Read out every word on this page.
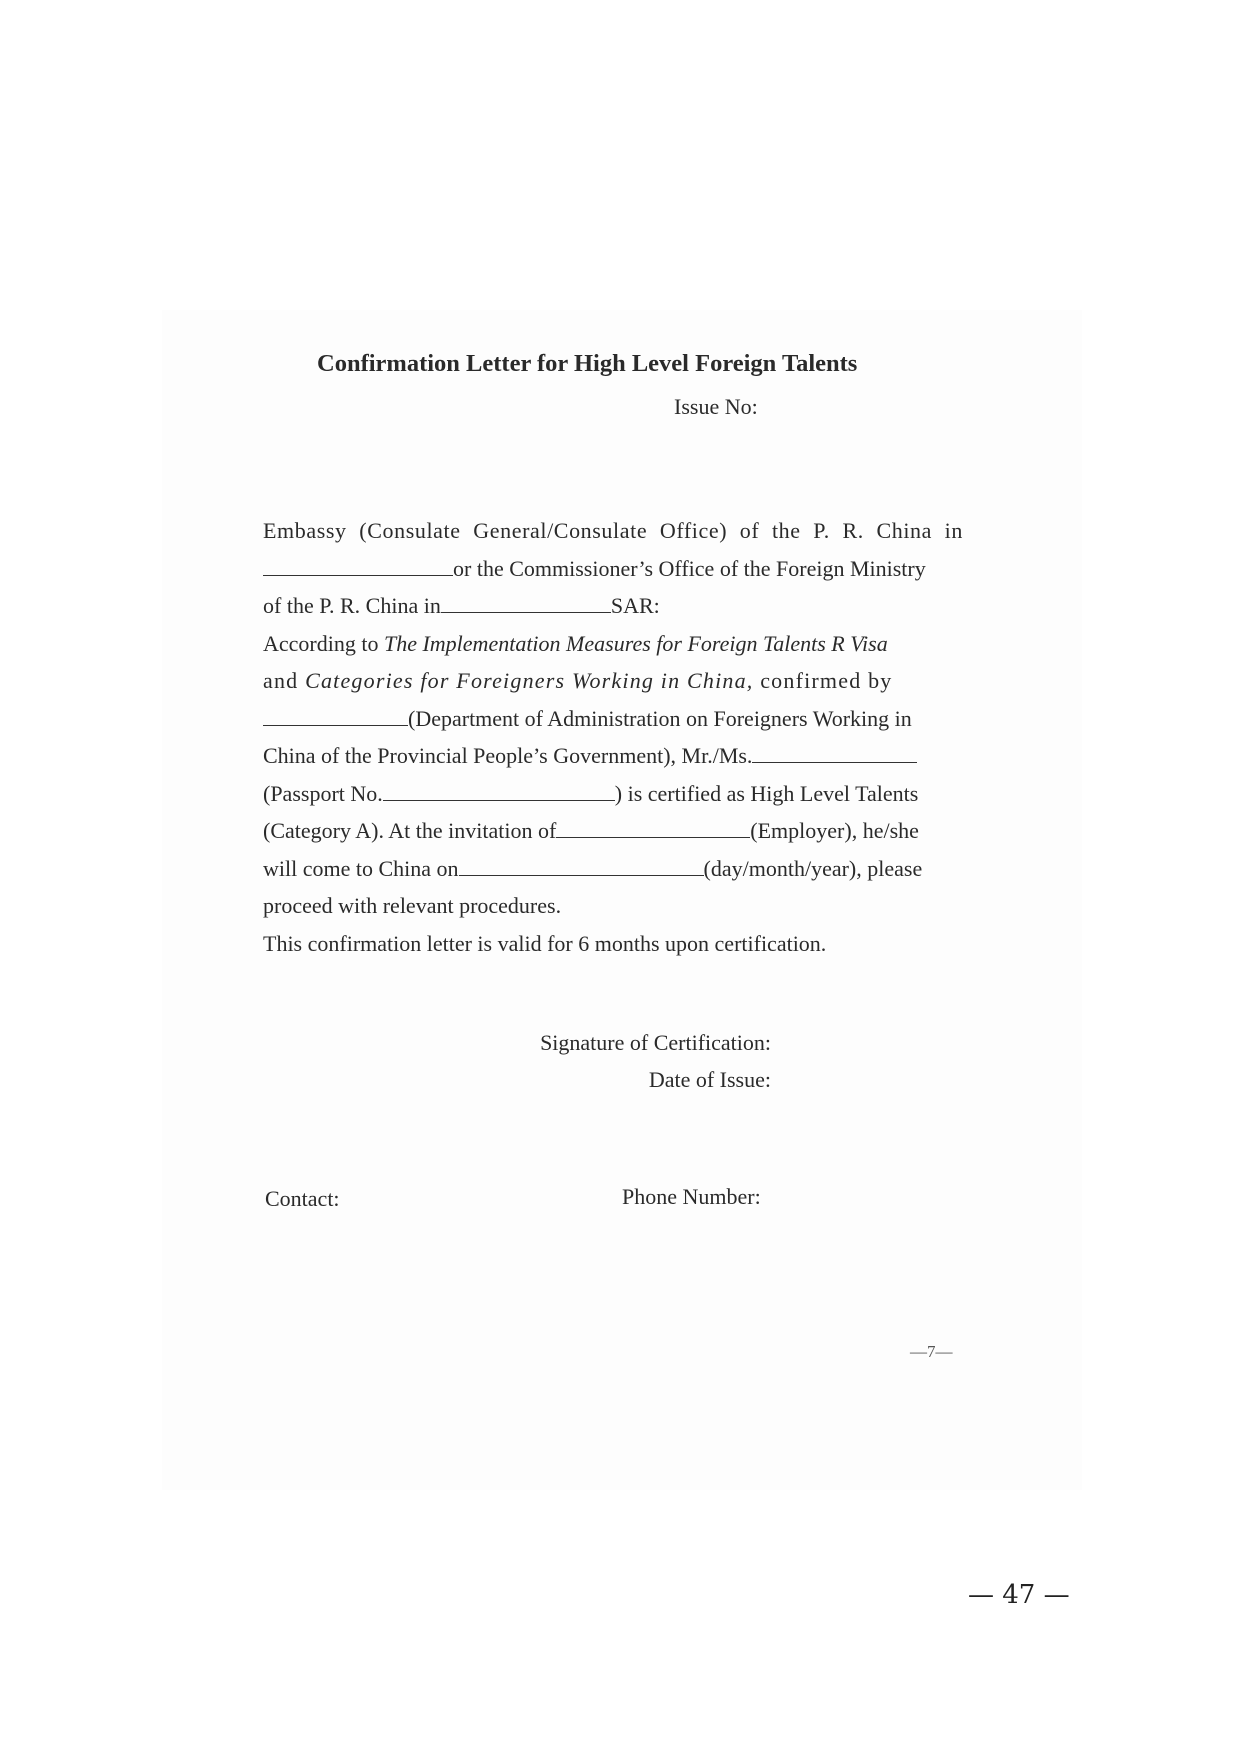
Confirmation Letter for High Level Foreign Talents
Issue No:
Embassy (Consulate General/Consulate Office) of the P. R. China in
or the Commissioner’s Office of the Foreign Ministry
of the P. R. China in	SAR:
According to The Implementation Measures for Foreign Talents R Visa
and Categories for Foreigners Working in China, confirmed by
(Department of Administration on Foreigners Working in
China of the Provincial People’s Government), Mr./Ms.
(Passport No.	) is certified as High Level Talents
(Category A). At the invitation of	(Employer), he/she
will come to China on	(day/month/year), please
proceed with relevant procedures.
This confirmation letter is valid for 6 months upon certification.
Signature of Certification:
Date of Issue:
Contact:	Phone Number:
—7—
— 47 —
